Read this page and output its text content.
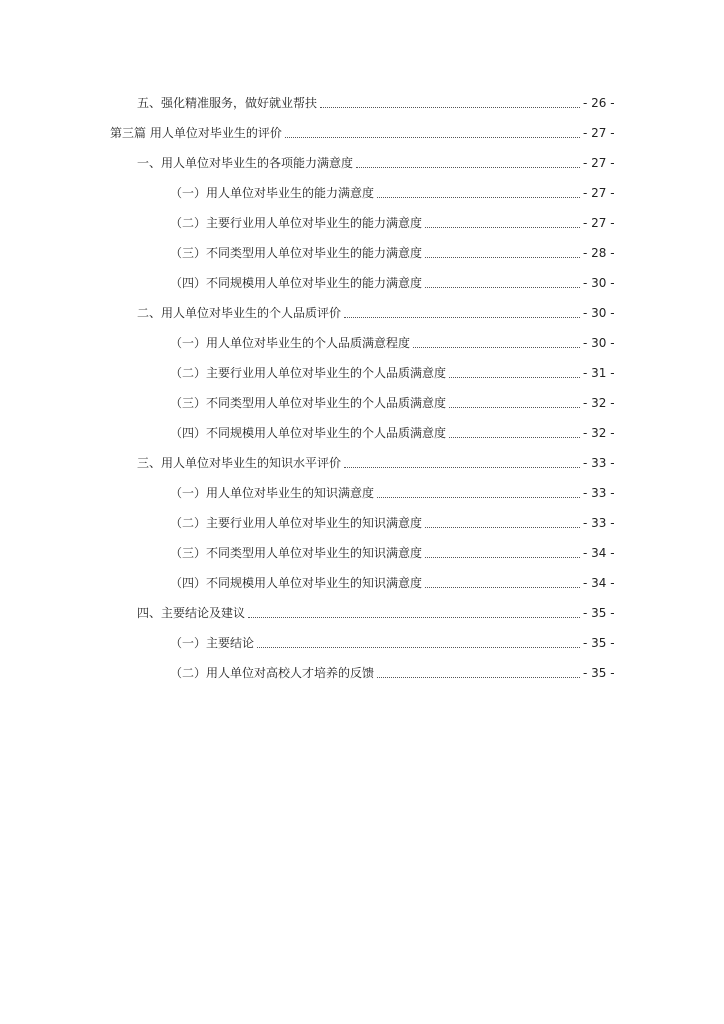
五、强化精准服务，做好就业帮扶	- 26 -
第三篇 用人单位对毕业生的评价	- 27 -
一、用人单位对毕业生的各项能力满意度	- 27 -
（一）用人单位对毕业生的能力满意度	- 27 -
（二）主要行业用人单位对毕业生的能力满意度	- 27 -
（三）不同类型用人单位对毕业生的能力满意度	- 28 -
（四）不同规模用人单位对毕业生的能力满意度	- 30 -
二、用人单位对毕业生的个人品质评价	- 30 -
（一）用人单位对毕业生的个人品质满意程度	- 30 -
（二）主要行业用人单位对毕业生的个人品质满意度	- 31 -
（三）不同类型用人单位对毕业生的个人品质满意度	- 32 -
（四）不同规模用人单位对毕业生的个人品质满意度	- 32 -
三、用人单位对毕业生的知识水平评价	- 33 -
（一）用人单位对毕业生的知识满意度	- 33 -
（二）主要行业用人单位对毕业生的知识满意度	- 33 -
（三）不同类型用人单位对毕业生的知识满意度	- 34 -
（四）不同规模用人单位对毕业生的知识满意度	- 34 -
四、主要结论及建议	- 35 -
（一）主要结论	- 35 -
（二）用人单位对高校人才培养的反馈	- 35 -
